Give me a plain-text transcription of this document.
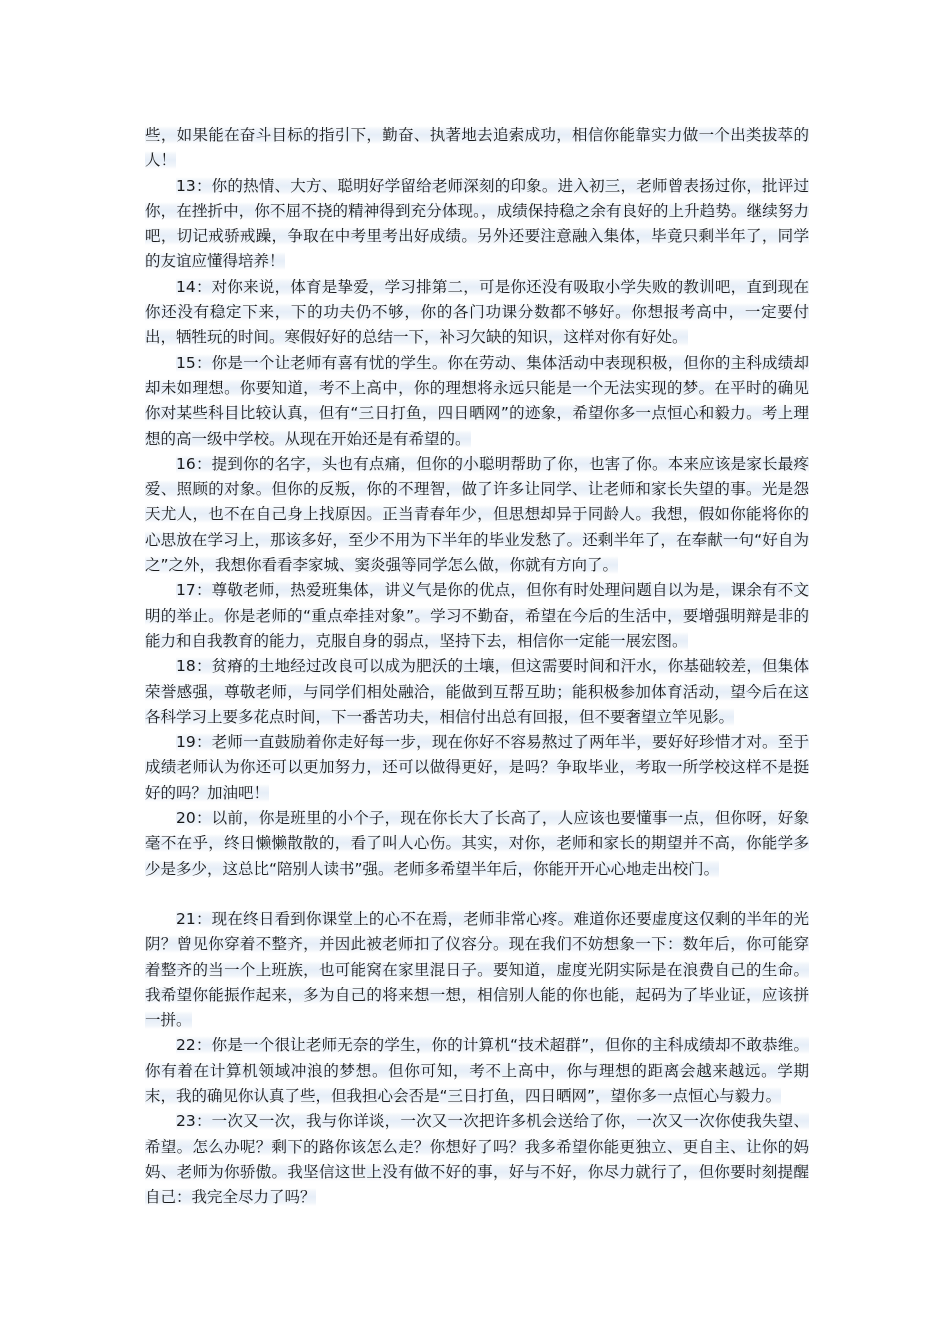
些，如果能在奋斗目标的指引下，勤奋、执著地去追索成功，相信你能靠实力做一个出类拔萃的人！

13：你的热情、大方、聪明好学留给老师深刻的印象。进入初三，老师曾表扬过你，批评过你，在挫折中，你不屈不挠的精神得到充分体现。，成绩保持稳之余有良好的上升趋势。继续努力吧，切记戒骄戒躁，争取在中考里考出好成绩。另外还要注意融入集体，毕竟只剩半年了，同学的友谊应懂得培养！

14：对你来说，体育是挚爱，学习排第二，可是你还没有吸取小学失败的教训吧，直到现在你还没有稳定下来，下的功夫仍不够，你的各门功课分数都不够好。你想报考高中，一定要付出，牺牲玩的时间。寒假好好的总结一下，补习欠缺的知识，这样对你有好处。

15：你是一个让老师有喜有忧的学生。你在劳动、集体活动中表现积极，但你的主科成绩却却未如理想。你要知道，考不上高中，你的理想将永远只能是一个无法实现的梦。在平时的确见你对某些科目比较认真，但有“三日打鱼，四日晒网”的迹象，希望你多一点恒心和毅力。考上理想的高一级中学校。从现在开始还是有希望的。

16：提到你的名字，头也有点痛，但你的小聪明帮助了你，也害了你。本来应该是家长最疼爱、照顾的对象。但你的反叛，你的不理智，做了许多让同学、让老师和家长失望的事。光是怨天尤人，也不在自己身上找原因。正当青春年少，但思想却异于同龄人。我想，假如你能将你的心思放在学习上，那该多好，至少不用为下半年的毕业发愁了。还剩半年了，在奉献一句“好自为之”之外，我想你看看李家城、窦炎强等同学怎么做，你就有方向了。

17：尊敬老师，热爱班集体，讲义气是你的优点，但你有时处理问题自以为是，课余有不文明的举止。你是老师的“重点牵挂对象”。学习不勤奋，希望在今后的生活中，要增强明辩是非的能力和自我教育的能力，克服自身的弱点，坚持下去，相信你一定能一展宏图。

18：贫瘠的土地经过改良可以成为肥沃的土壤，但这需要时间和汗水，你基础较差，但集体荣誉感强，尊敬老师，与同学们相处融洽，能做到互帮互助；能积极参加体育活动，望今后在这各科学习上要多花点时间，下一番苦功夫，相信付出总有回报，但不要奢望立竿见影。

19：老师一直鼓励着你走好每一步，现在你好不容易熬过了两年半，要好好珍惜才对。至于成绩老师认为你还可以更加努力，还可以做得更好，是吗？争取毕业，考取一所学校这样不是挺好的吗？加油吧！

20：以前，你是班里的小个子，现在你长大了长高了，人应该也要懂事一点，但你呀，好象毫不在乎，终日懒懒散散的，看了叫人心伤。其实，对你，老师和家长的期望并不高，你能学多少是多少，这总比“陪别人读书”强。老师多希望半年后，你能开开心心地走出校门。

21：现在终日看到你课堂上的心不在焉，老师非常心疼。难道你还要虚度这仅剩的半年的光阴？曾见你穿着不整齐，并因此被老师扣了仪容分。现在我们不妨想象一下：数年后，你可能穿着整齐的当一个上班族，也可能窝在家里混日子。要知道，虚度光阴实际是在浪费自己的生命。我希望你能振作起来，多为自己的将来想一想，相信别人能的你也能，起码为了毕业证，应该拼一拼。

22：你是一个很让老师无奈的学生，你的计算机“技术超群”，但你的主科成绩却不敢恭维。你有着在计算机领域冲浪的梦想。但你可知，考不上高中，你与理想的距离会越来越远。学期末，我的确见你认真了些，但我担心会否是“三日打鱼，四日晒网”，望你多一点恒心与毅力。

23：一次又一次，我与你详谈，一次又一次把许多机会送给了你，一次又一次你使我失望、希望。怎么办呢？剩下的路你该怎么走？你想好了吗？我多希望你能更独立、更自主、让你的妈妈、老师为你骄傲。我坚信这世上没有做不好的事，好与不好，你尽力就行了，但你要时刻提醒自己：我完全尽力了吗？
